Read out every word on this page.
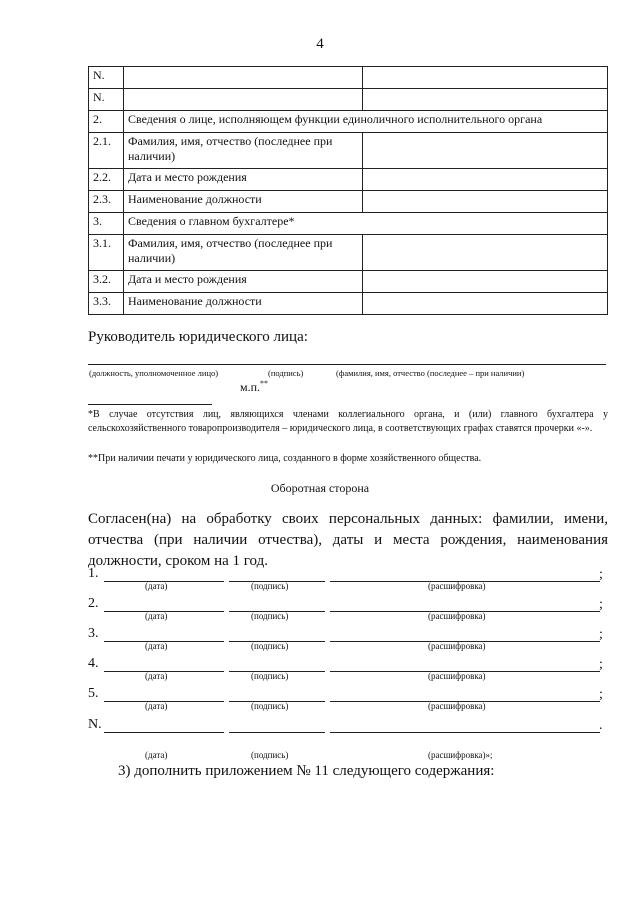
4
N.		
N.		
2.	Сведения о лице, исполняющем функции единоличного исполнительного органа	
2.1.	Фамилия, имя, отчество (последнее при наличии)	
2.2.	Дата и место рождения	
2.3.	Наименование должности	
3.	Сведения о главном бухгалтере*	
3.1.	Фамилия, имя, отчество (последнее при наличии)	
3.2.	Дата и место рождения	
3.3.	Наименование должности	
Руководитель юридического лица:
(должность, уполномоченное лицо)	(подпись)	(фамилия, имя, отчество (последнее – при наличии)
м.п.**
*В случае отсутствия лиц, являющихся членами коллегиального органа, и (или) главного бухгалтера у сельскохозяйственного товаропроизводителя – юридического лица, в соответствующих графах ставятся прочерки «-».
**При наличии печати у юридического лица, созданного в форме хозяйственного общества.
Оборотная сторона
Согласен(на) на обработку своих персональных данных: фамилии, имени, отчества (при наличии отчества), даты и места рождения, наименования должности, сроком на 1 год.
1.	;
(дата)	(подпись)	(расшифровка)
2.	;
(дата)	(подпись)	(расшифровка)
3.	;
(дата)	(подпись)	(расшифровка)
4.	;
(дата)	(подпись)	(расшифровка)
5.	;
(дата)	(подпись)	(расшифровка)
N.	.
(дата)	(подпись)	(расшифровка)»;
3) дополнить приложением № 11 следующего содержания:
